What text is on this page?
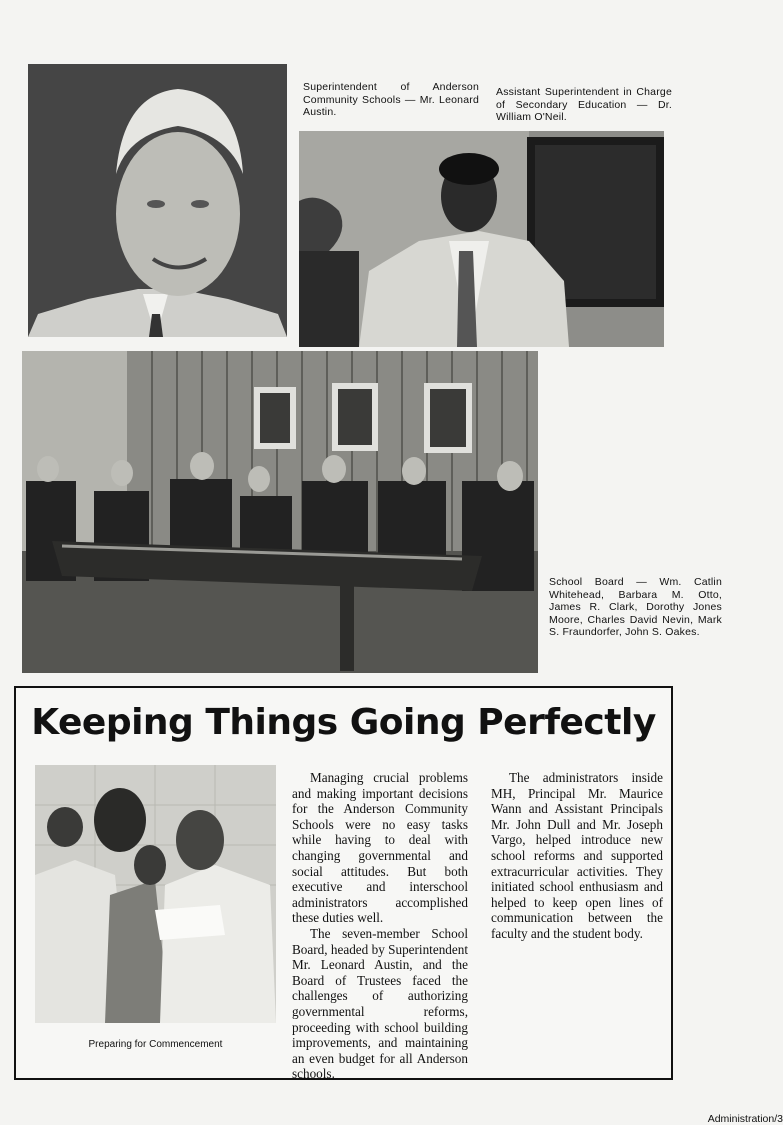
Superintendent of Anderson Community Schools — Mr. Leonard Austin.
Assistant Superintendent in Charge of Secondary Education — Dr. William O'Neil.
School Board — Wm. Catlin Whitehead, Barbara M. Otto, James R. Clark, Dorothy Jones Moore, Charles David Nevin, Mark S. Fraundorfer, John S. Oakes.
Keeping Things Going Perfectly
Preparing for Commencement

Managing crucial problems and making important decisions for the Anderson Community Schools were no easy tasks while having to deal with changing governmental and social attitudes. But both executive and interschool administrators accomplished these duties well.

The seven-member School Board, headed by Superintendent Mr. Leonard Austin, and the Board of Trustees faced the challenges of authorizing governmental reforms, proceeding with school building improvements, and maintaining an even budget for all Anderson schools.

The administrators inside MH, Principal Mr. Maurice Wann and Assistant Principals Mr. John Dull and Mr. Joseph Vargo, helped introduce new school reforms and supported extracurricular activities. They initiated school enthusiasm and helped to keep open lines of communication between the faculty and the student body.

Administration/3
